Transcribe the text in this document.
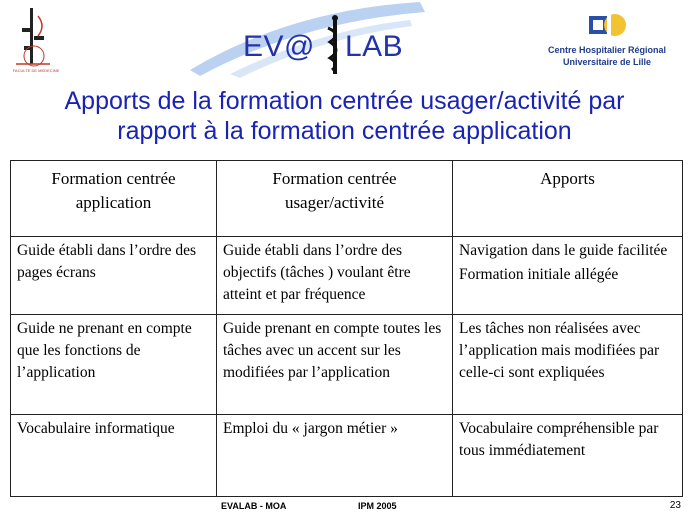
FACULTE DE MEDECINE
EV@ LAB	Centre Hospitalier Régional
Universitaire de Lille
Apports de la formation centrée usager/activité par
rapport à la formation centrée application
Formation centrée application	Formation centrée usager/activité	Apports
Guide établi dans l’ordre des pages écrans	Guide établi dans l’ordre des objectifs (tâches ) voulant être atteint et par fréquence	Navigation dans le guide facilitée
Formation initiale allégée

Guide ne prenant en compte que les fonctions de l’application	Guide prenant en compte toutes les tâches avec un accent sur les modifiées par l’application	Les tâches non réalisées avec l’application mais modifiées par celle-ci sont expliquées
Vocabulaire informatique	Emploi du « jargon métier »	Vocabulaire compréhensible par tous immédiatement
EVALAB - MOA	IPM 2005	23
